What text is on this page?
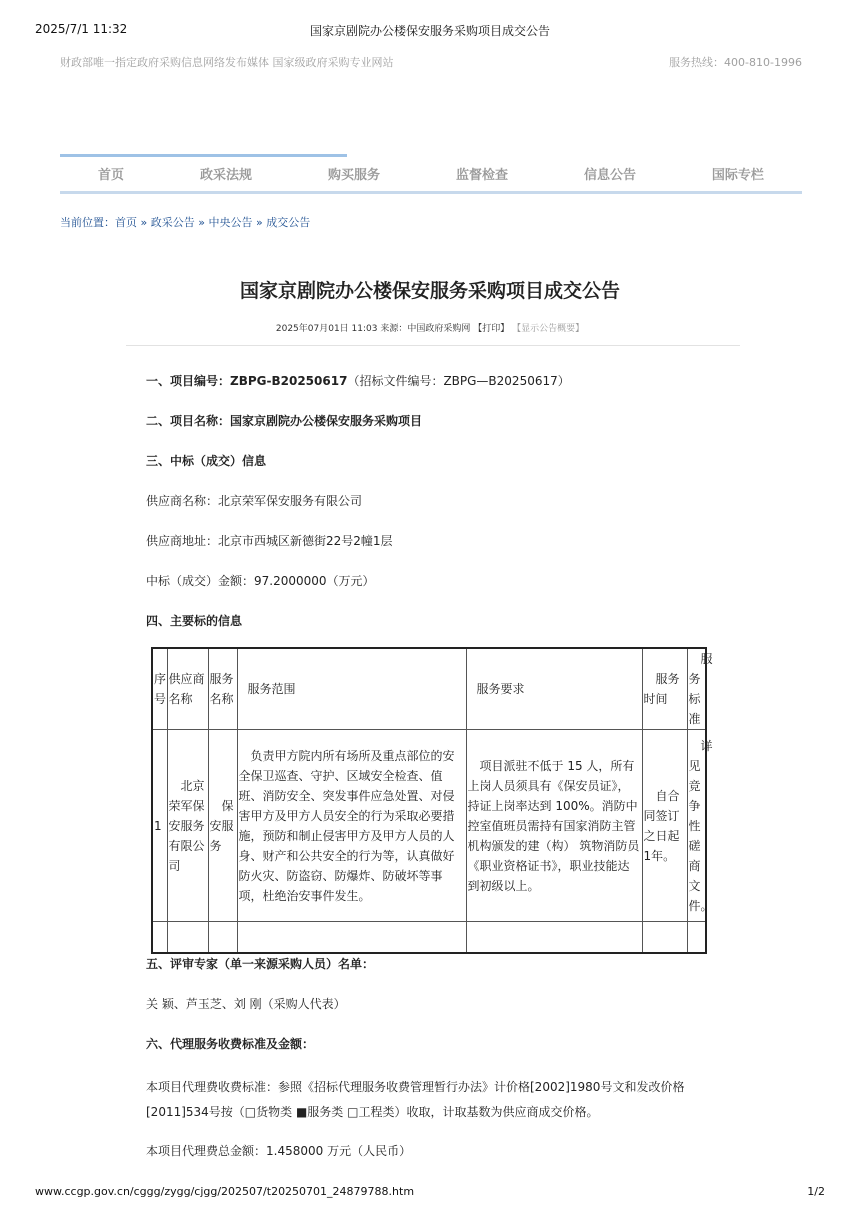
2025/7/1 11:32	国家京剧院办公楼保安服务采购项目成交公告
财政部唯一指定政府采购信息网络发布媒体 国家级政府采购专业网站	服务热线：400-810-1996
首页	政采法规	购买服务	监督检查	信息公告	国际专栏
当前位置：首页 » 政采公告 » 中央公告 » 成交公告
国家京剧院办公楼保安服务采购项目成交公告
2025年07月01日 11:03 来源：中国政府采购网 【打印】 【显示公告概要】
一、项目编号：ZBPG-B20250617（招标文件编号：ZBPG—B20250617）
二、项目名称：国家京剧院办公楼保安服务采购项目
三、中标（成交）信息
供应商名称：北京荣军保安服务有限公司
供应商地址：北京市西城区新德街22号2幢1层
中标（成交）金额：97.2000000（万元）
四、主要标的信息
序号	供应商名称	服务名称	服务范围	服务要求	服务时间	服务标准
1	北京荣军保安服务有限公司	保安服务	负责甲方院内所有场所及重点部位的安全保卫巡查、守护、区域安全检查、值班、消防安全、突发事件应急处置、对侵害甲方及甲方人员安全的行为采取必要措施，预防和制止侵害甲方及甲方人员的人身、财产和公共安全的行为等，认真做好防火灾、防盗窃、防爆炸、防破坏等事项，杜绝治安事件发生。	项目派驻不低于 15 人，所有上岗人员须具有《保安员证》， 持证上岗率达到 100%。消防中控室值班员需持有国家消防主管机构颁发的建（构） 筑物消防员《职业资格证书》，职业技能达到初级以上。	自合同签订之日起1年。	详见竞争性磋商文件。

五、评审专家（单一来源采购人员）名单：
关 颖、芦玉芝、刘 刚（采购人代表）
六、代理服务收费标准及金额：
本项目代理费收费标准：参照《招标代理服务收费管理暂行办法》计价格[2002]1980号文和发改价格[2011]534号按（□货物类 ■服务类 □工程类）收取，计取基数为供应商成交价格。
本项目代理费总金额：1.458000 万元（人民币）
www.ccgp.gov.cn/cggg/zygg/cjgg/202507/t20250701_24879788.htm	1/2
